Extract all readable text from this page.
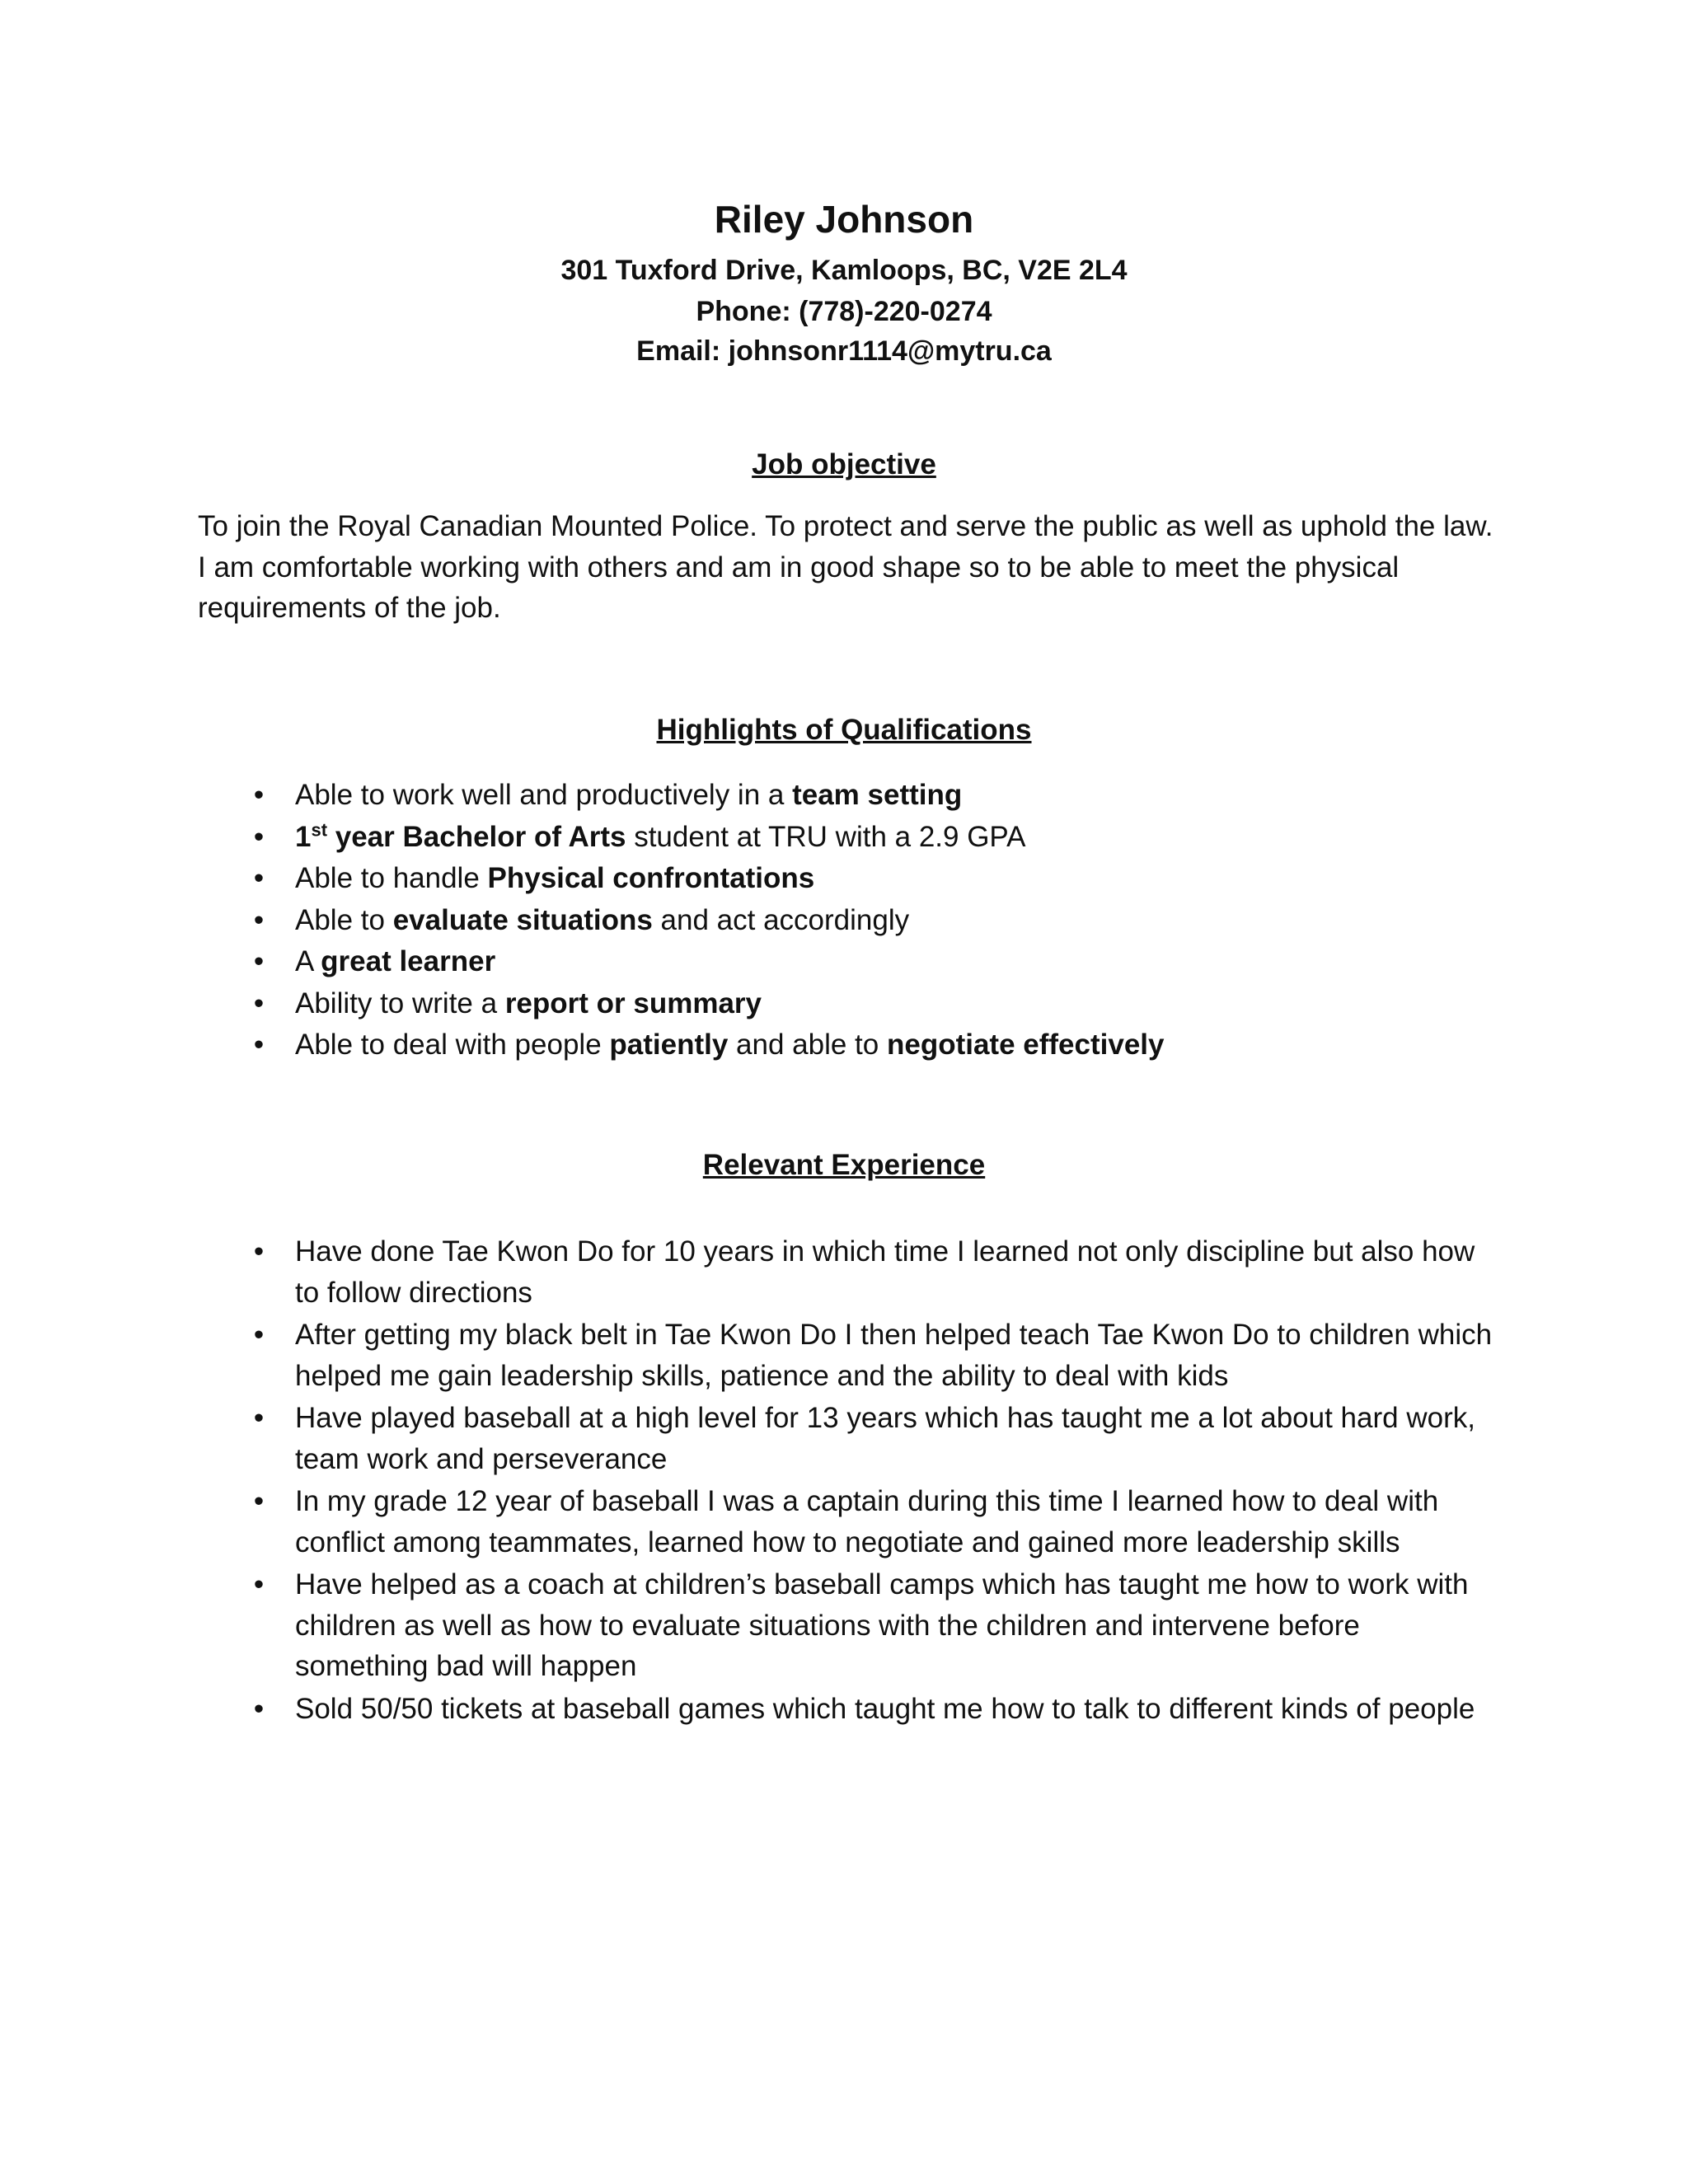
Riley Johnson
301 Tuxford Drive, Kamloops, BC, V2E 2L4
Phone: (778)-220-0274
Email: johnsonr1114@mytru.ca
Job objective

To join the Royal Canadian Mounted Police. To protect and serve the public as well as uphold the law. I am comfortable working with others and am in good shape so to be able to meet the physical requirements of the job.

Highlights of Qualifications
• Able to work well and productively in a team setting
• 1st year Bachelor of Arts student at TRU with a 2.9 GPA
• Able to handle Physical confrontations
• Able to evaluate situations and act accordingly
• A great learner
• Ability to write a report or summary
• Able to deal with people patiently and able to negotiate effectively
Relevant Experience
• Have done Tae Kwon Do for 10 years in which time I learned not only discipline but also how to follow directions
• After getting my black belt in Tae Kwon Do I then helped teach Tae Kwon Do to children which helped me gain leadership skills, patience and the ability to deal with kids
• Have played baseball at a high level for 13 years which has taught me a lot about hard work, team work and perseverance
• In my grade 12 year of baseball I was a captain during this time I learned how to deal with conflict among teammates, learned how to negotiate and gained more leadership skills
• Have helped as a coach at children’s baseball camps which has taught me how to work with children as well as how to evaluate situations with the children and intervene before something bad will happen
• Sold 50/50 tickets at baseball games which taught me how to talk to different kinds of people
